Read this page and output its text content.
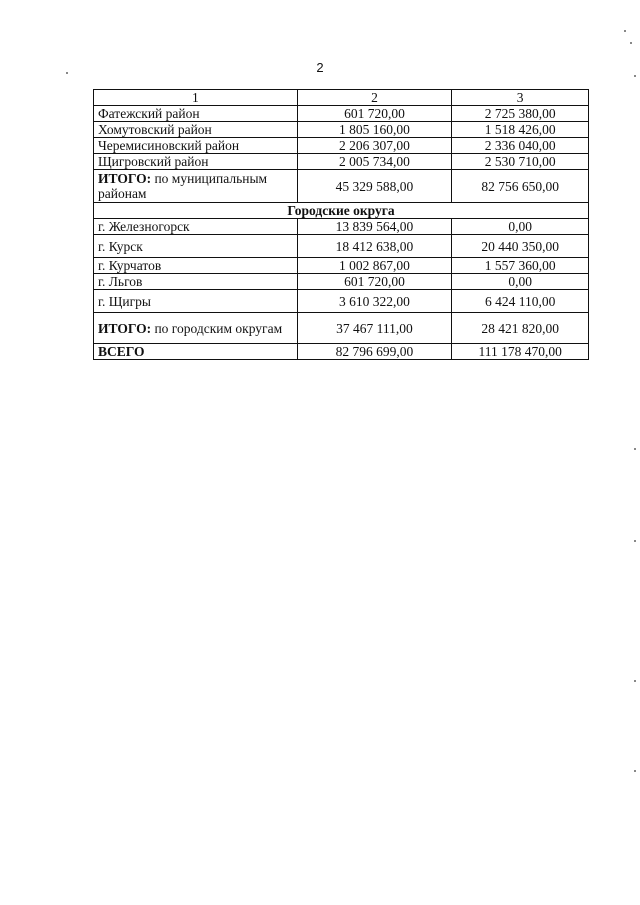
2
1	2	3
Фатежский район	601 720,00	2 725 380,00
Хомутовский район	1 805 160,00	1 518 426,00
Черемисиновский район	2 206 307,00	2 336 040,00
Щигровский район	2 005 734,00	2 530 710,00
ИТОГО: по муниципальным районам	45 329 588,00	82 756 650,00
Городские округа		
г. Железногорск	13 839 564,00	0,00
г. Курск	18 412 638,00	20 440 350,00
г. Курчатов	1 002 867,00	1 557 360,00
г. Льгов	601 720,00	0,00
г. Щигры	3 610 322,00	6 424 110,00
ИТОГО: по городским округам	37 467 111,00	28 421 820,00
ВСЕГО	82 796 699,00	111 178 470,00
